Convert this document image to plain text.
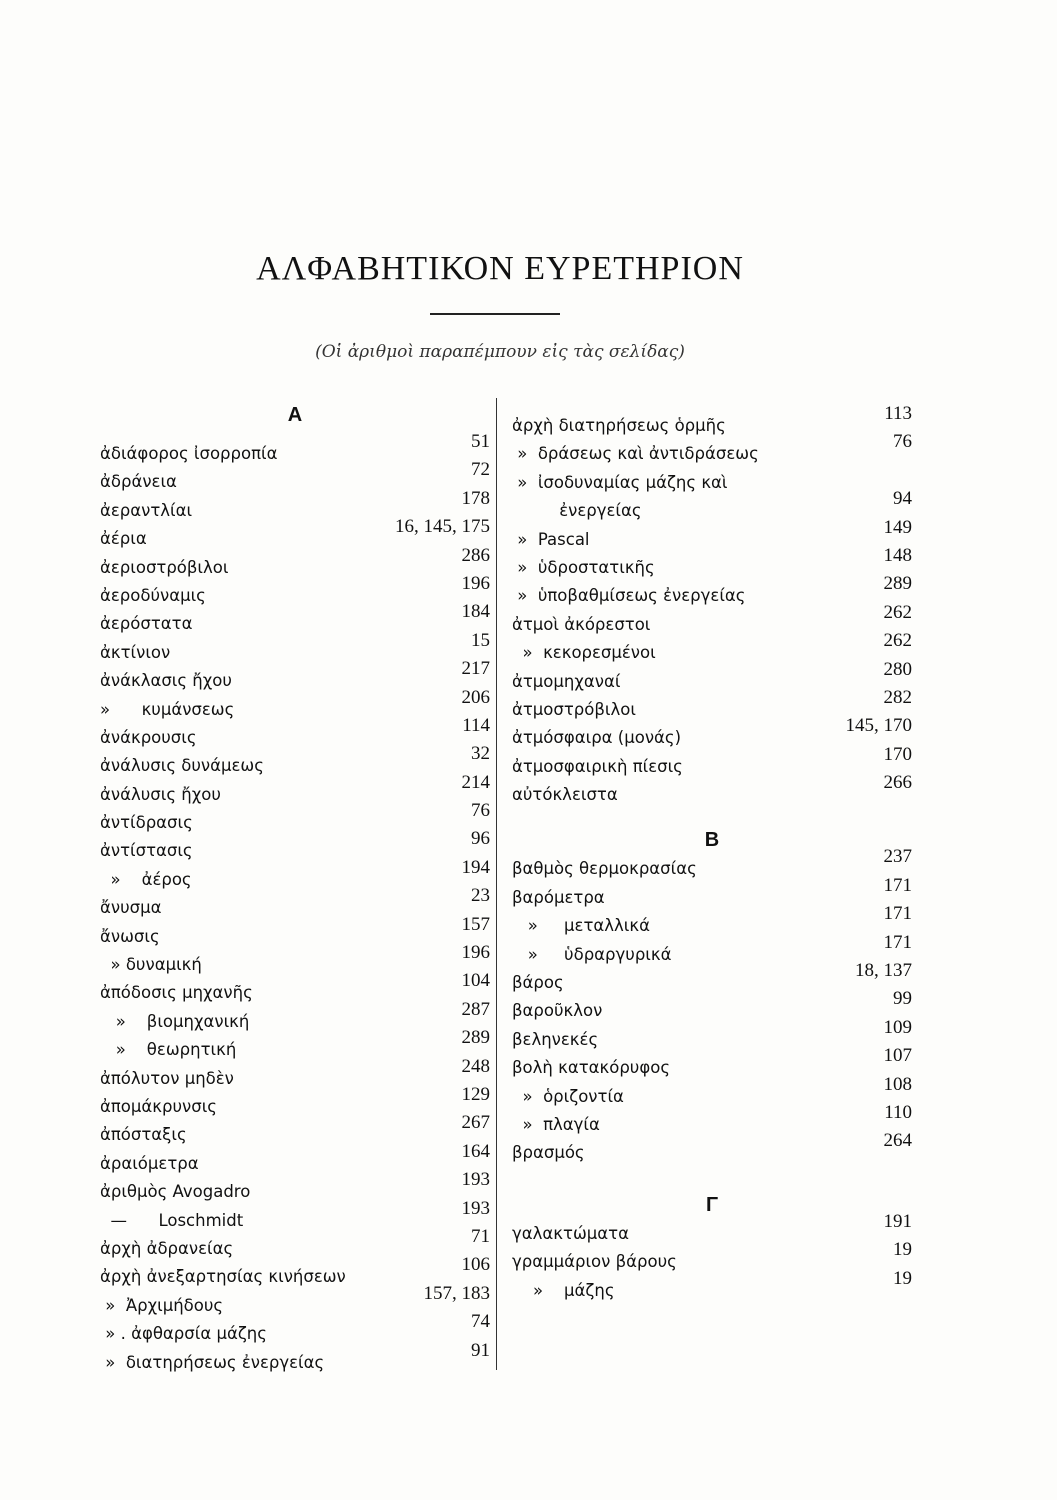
ΑΛΦΑΒΗΤΙΚΟΝ ΕΥΡΕΤΗΡΙΟΝ
(Οἱ ἀριθμοὶ παραπέμπουν εἰς τὰς σελίδας)
A
ἀδιάφορος ἰσορροπία
51
ἀδράνεια
72
ἀεραντλίαι
178
ἀέρια
16, 145, 175
ἀεριοστρόβιλοι
286
ἀεροδύναμις
196
ἀερόστατα
184
ἀκτίνιον
15
ἀνάκλασις ἤχου
217
»      κυμάνσεως
206
ἀνάκρουσις
114
ἀνάλυσις δυνάμεως
32
ἀνάλυσις ἤχου
214
ἀντίδρασις
76
ἀντίστασις
96
»    ἀέρος
194
ἄνυσμα
23
ἄνωσις
157
» δυναμική
196
ἀπόδοσις μηχανῆς
104
»    βιομηχανική
287
»    θεωρητική
289
ἀπόλυτον μηδὲν
248
ἀπομάκρυνσις
129
ἀπόσταξις
267
ἀραιόμετρα
164
ἀριθμὸς Avogadro
193
—      Loschmidt
193
ἀρχὴ ἀδρανείας
71
ἀρχὴ ἀνεξαρτησίας κινήσεων
106
»  Ἀρχιμήδους
157, 183
» . ἀφθαρσία μάζης
74
»  διατηρήσεως ἐνεργείας
91
ἀρχὴ διατηρήσεως ὁρμῆς
113
»  δράσεως καὶ ἀντιδράσεως
76
»  ἰσοδυναμίας μάζης καὶ
ἐνεργείας
94
»  Pascal
149
»  ὑδροστατικῆς
148
»  ὑποβαθμίσεως ἐνεργείας
289
ἀτμοὶ ἀκόρεστοι
262
»  κεκορεσμένοι
262
ἀτμομηχαναί
280
ἀτμοστρόβιλοι
282
ἀτμόσφαιρα (μονάς)
145, 170
ἀτμοσφαιρικὴ πίεσις
170
αὐτόκλειστα
266
B
βαθμὸς θερμοκρασίας
237
βαρόμετρα
171
»     μεταλλικά
171
»     ὑδραργυρικά
171
βάρος
18, 137
βαροῦκλον
99
βεληνεκές
109
βολὴ κατακόρυφος
107
»  ὁριζοντία
108
»  πλαγία
110
βρασμός
264
Γ
γαλακτώματα
191
γραμμάριον βάρους
19
»    μάζης
19
